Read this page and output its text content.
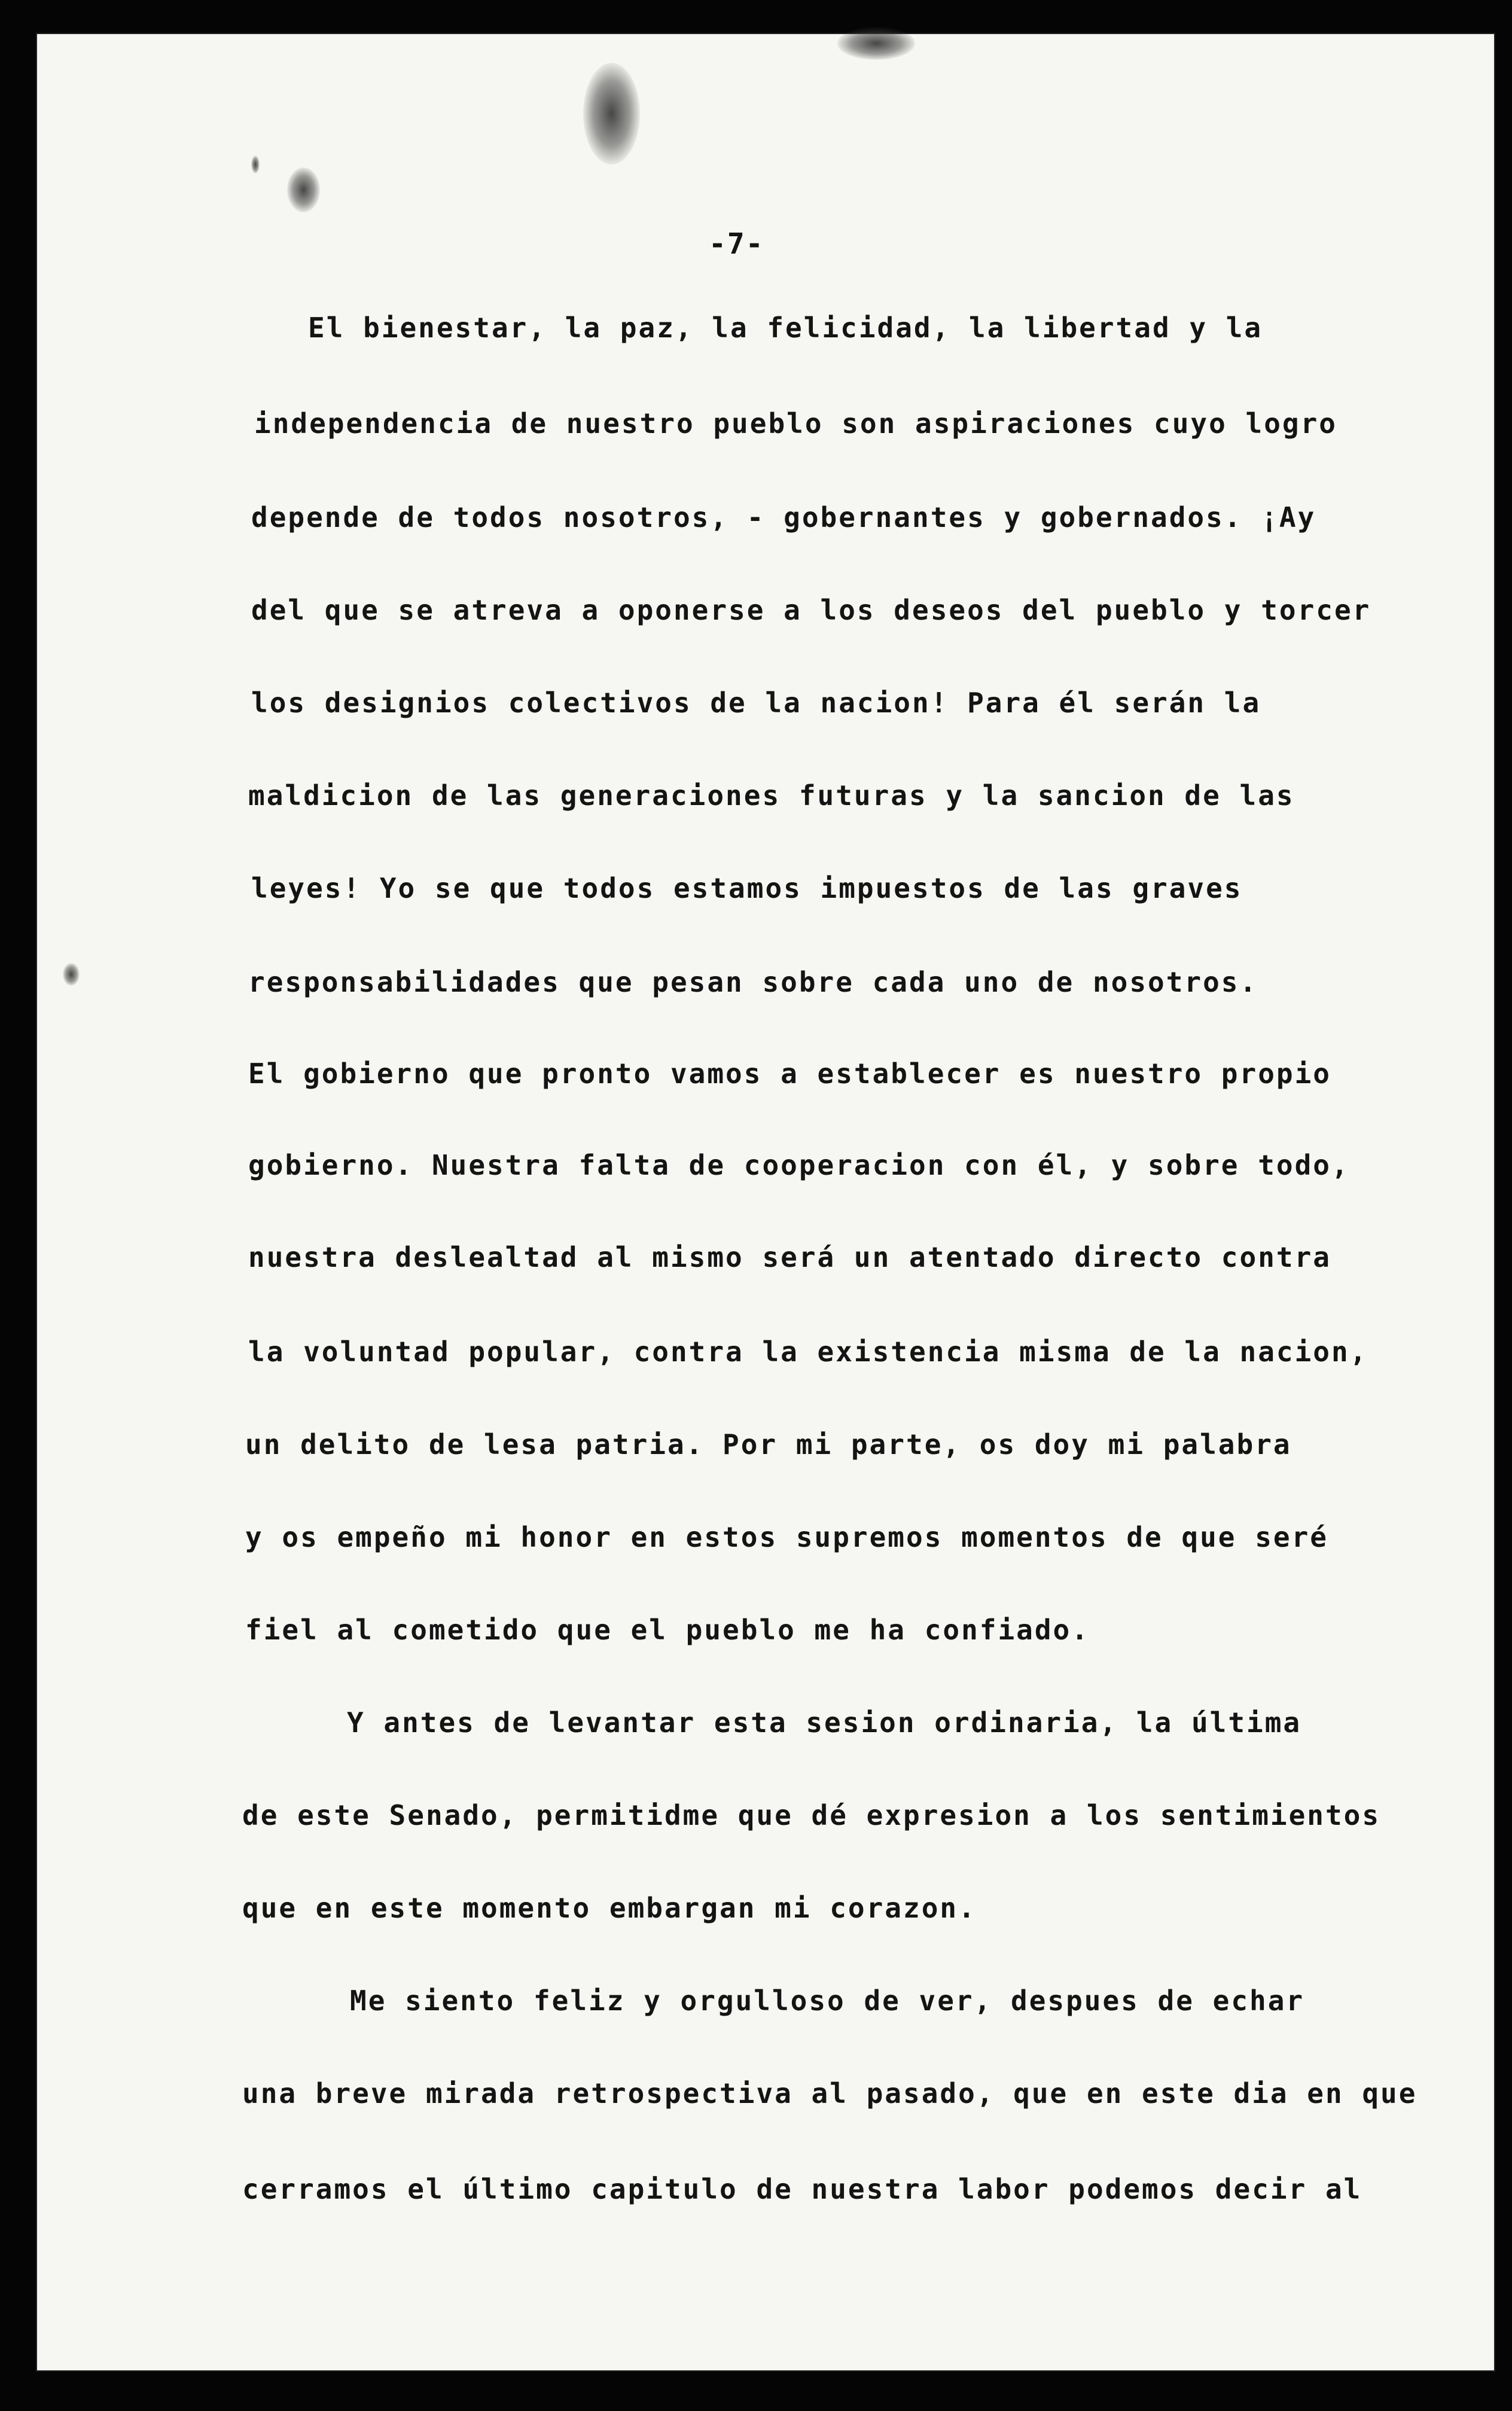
-7-

El bienestar, la paz, la felicidad, la libertad y la

independencia de nuestro pueblo son aspiraciones cuyo logro

depende de todos nosotros, - gobernantes y gobernados. ¡Ay

del que se atreva a oponerse a los deseos del pueblo y torcer

los designios colectivos de la nacion! Para él serán la

maldicion de las generaciones futuras y la sancion de las

leyes! Yo se que todos estamos impuestos de las graves

responsabilidades que pesan sobre cada uno de nosotros.

El gobierno que pronto vamos a establecer es nuestro propio

gobierno. Nuestra falta de cooperacion con él, y sobre todo,

nuestra deslealtad al mismo será un atentado directo contra

la voluntad popular, contra la existencia misma de la nacion,

un delito de lesa patria. Por mi parte, os doy mi palabra

y os empeño mi honor en estos supremos momentos de que seré

fiel al cometido que el pueblo me ha confiado.

Y antes de levantar esta sesion ordinaria, la última

de este Senado, permitidme que dé expresion a los sentimientos

que en este momento embargan mi corazon.

Me siento feliz y orgulloso de ver, despues de echar

una breve mirada retrospectiva al pasado, que en este dia en que

cerramos el último capitulo de nuestra labor podemos decir al
